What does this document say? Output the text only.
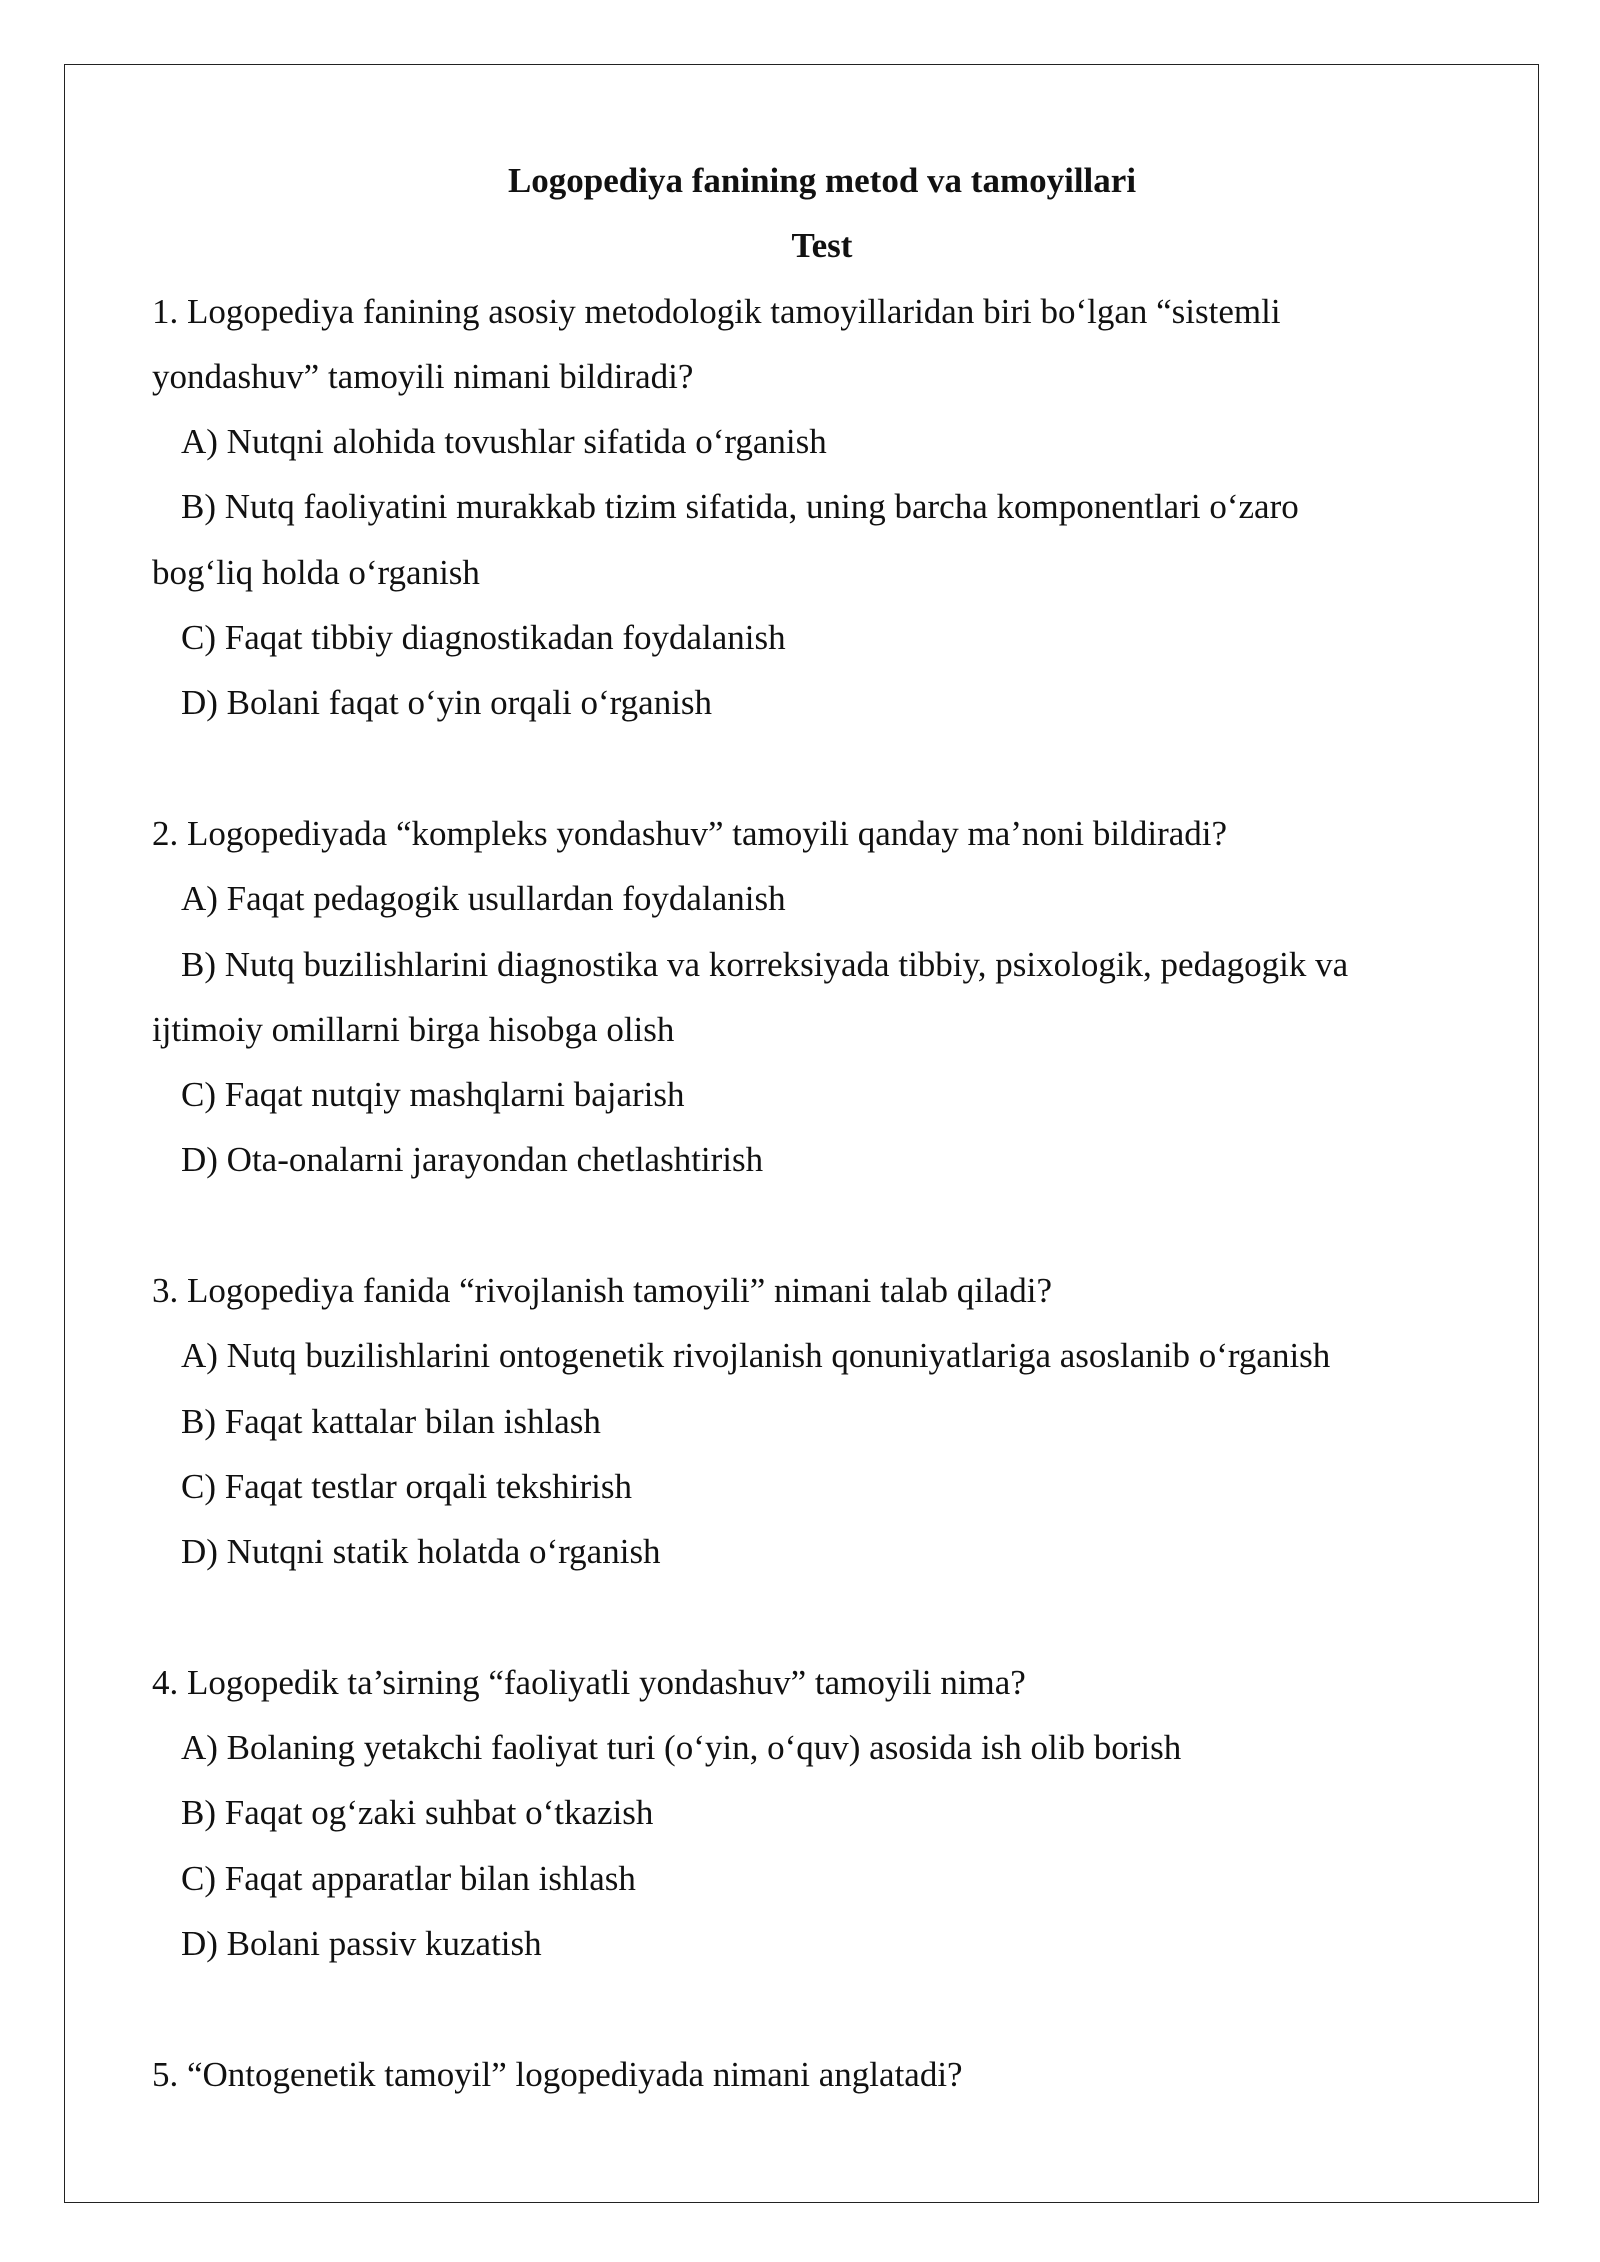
Logopediya fanining metod va tamoyillari
Test
1. Logopediya fanining asosiy metodologik tamoyillaridan biri bo‘lgan “sistemli
yondashuv” tamoyili nimani bildiradi?
A) Nutqni alohida tovushlar sifatida o‘rganish
B) Nutq faoliyatini murakkab tizim sifatida, uning barcha komponentlari o‘zaro
bog‘liq holda o‘rganish
C) Faqat tibbiy diagnostikadan foydalanish
D) Bolani faqat o‘yin orqali o‘rganish
2. Logopediyada “kompleks yondashuv” tamoyili qanday ma’noni bildiradi?
A) Faqat pedagogik usullardan foydalanish
B) Nutq buzilishlarini diagnostika va korreksiyada tibbiy, psixologik, pedagogik va
ijtimoiy omillarni birga hisobga olish
C) Faqat nutqiy mashqlarni bajarish
D) Ota-onalarni jarayondan chetlashtirish
3. Logopediya fanida “rivojlanish tamoyili” nimani talab qiladi?
A) Nutq buzilishlarini ontogenetik rivojlanish qonuniyatlariga asoslanib o‘rganish
B) Faqat kattalar bilan ishlash
C) Faqat testlar orqali tekshirish
D) Nutqni statik holatda o‘rganish
4. Logopedik ta’sirning “faoliyatli yondashuv” tamoyili nima?
A) Bolaning yetakchi faoliyat turi (o‘yin, o‘quv) asosida ish olib borish
B) Faqat og‘zaki suhbat o‘tkazish
C) Faqat apparatlar bilan ishlash
D) Bolani passiv kuzatish
5. “Ontogenetik tamoyil” logopediyada nimani anglatadi?
